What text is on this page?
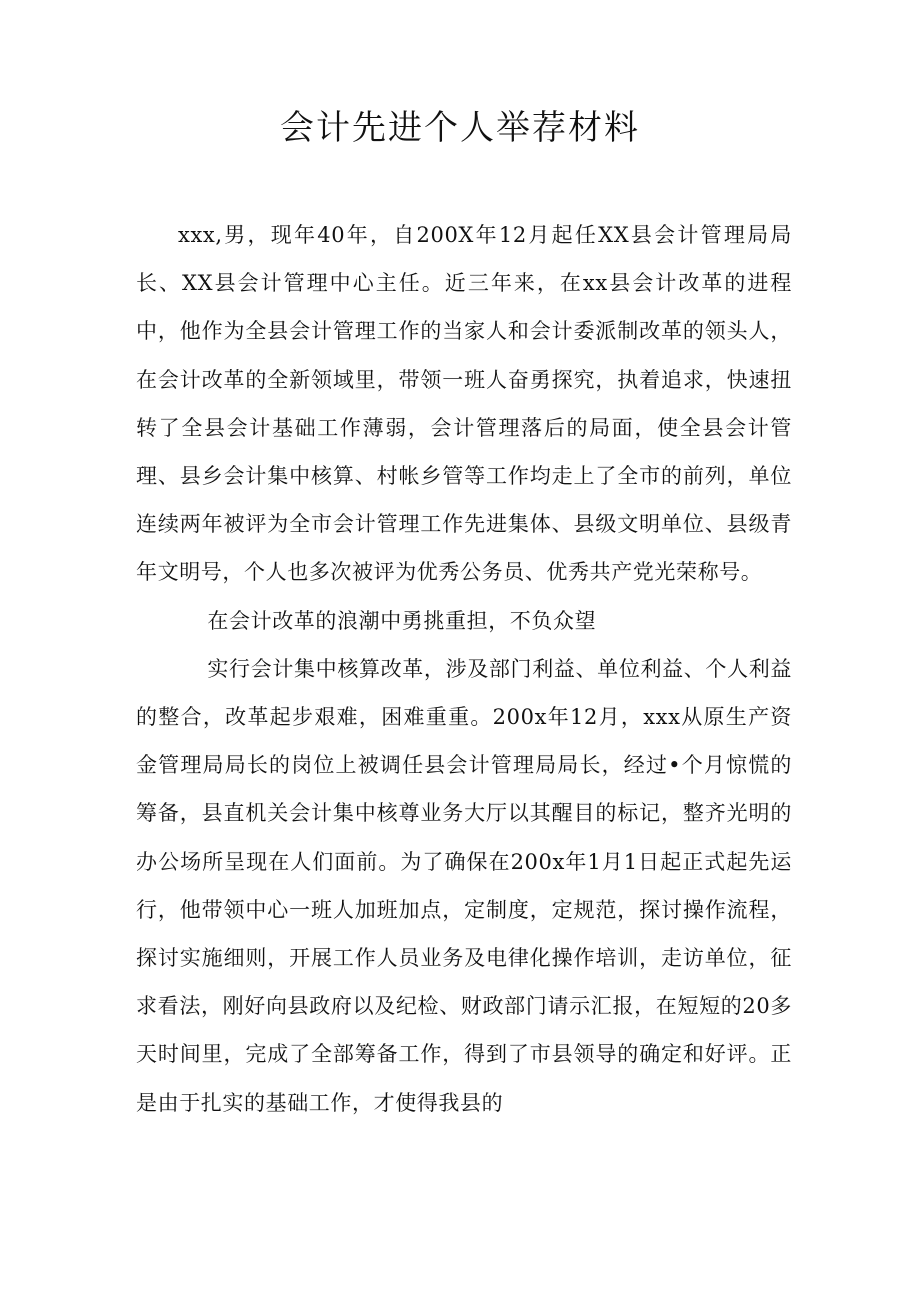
会计先进个人举荐材料

xxx,男，现年40年，自200X年12月起任XX县会计管理局局长、XX县会计管理中心主任。近三年来，在xx县会计改革的进程中，他作为全县会计管理工作的当家人和会计委派制改革的领头人，在会计改革的全新领域里，带领一班人奋勇探究，执着追求，快速扭转了全县会计基础工作薄弱，会计管理落后的局面，使全县会计管理、县乡会计集中核算、村帐乡管等工作均走上了全市的前列，单位连续两年被评为全市会计管理工作先进集体、县级文明单位、县级青年文明号，个人也多次被评为优秀公务员、优秀共产党光荣称号。

在会计改革的浪潮中勇挑重担，不负众望

实行会计集中核算改革，涉及部门利益、单位利益、个人利益的整合，改革起步艰难，困难重重。200x年12月，xxx从原生产资金管理局局长的岗位上被调任县会计管理局局长，经过•个月惊慌的筹备，县直机关会计集中核尊业务大厅以其醒目的标记，整齐光明的办公场所呈现在人们面前。为了确保在200x年1月1日起正式起先运行，他带领中心一班人加班加点，定制度，定规范，探讨操作流程，探讨实施细则，开展工作人员业务及电律化操作培训，走访单位，征求看法，刚好向县政府以及纪检、财政部门请示汇报，在短短的20多天时间里，完成了全部筹备工作，得到了市县领导的确定和好评。正是由于扎实的基础工作，才使得我县的
